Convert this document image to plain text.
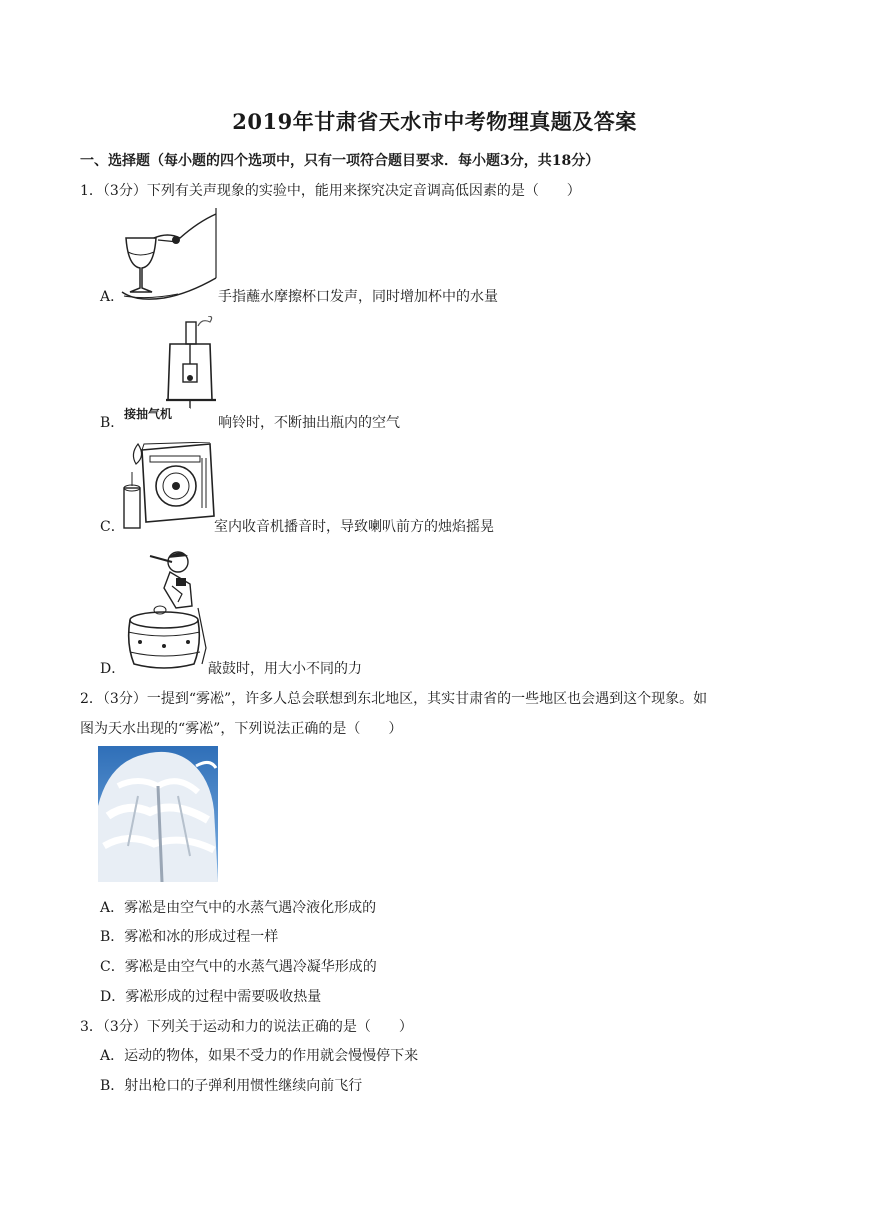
2019年甘肃省天水市中考物理真题及答案
一、选择题（每小题的四个选项中，只有一项符合题目要求．每小题3分，共18分）
1．（3分）下列有关声现象的实验中，能用来探究决定音调高低因素的是（　　）
A．	手指蘸水摩擦杯口发声，同时增加杯中的水量
接抽气机
B．	响铃时，不断抽出瓶内的空气
C．	室内收音机播音时，导致喇叭前方的烛焰摇晃
D．	敲鼓时，用大小不同的力
2．（3分）一提到“雾凇”，许多人总会联想到东北地区，其实甘肃省的一些地区也会遇到这个现象。如
图为天水出现的“雾凇”，下列说法正确的是（　　）
A．雾凇是由空气中的水蒸气遇冷液化形成的
B．雾凇和冰的形成过程一样
C．雾凇是由空气中的水蒸气遇冷凝华形成的
D．雾凇形成的过程中需要吸收热量
3．（3分）下列关于运动和力的说法正确的是（　　）
A．运动的物体，如果不受力的作用就会慢慢停下来
B．射出枪口的子弹利用惯性继续向前飞行
